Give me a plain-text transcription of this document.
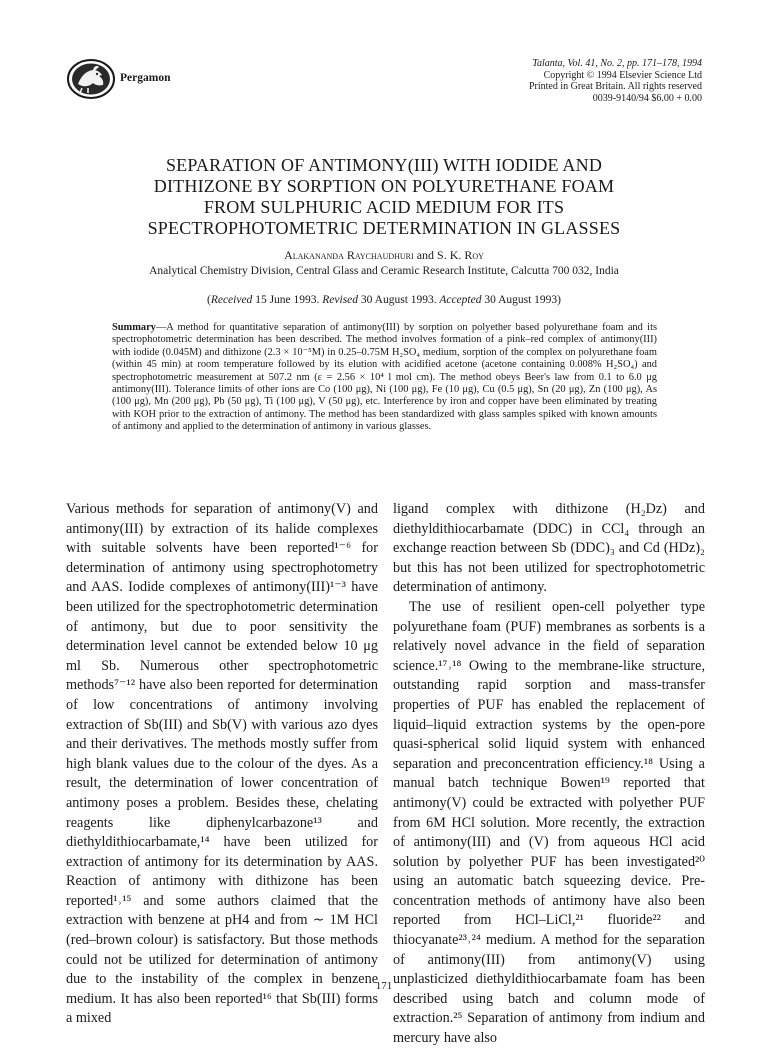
Pergamon
Talanta, Vol. 41, No. 2, pp. 171–178, 1994
Copyright © 1994 Elsevier Science Ltd
Printed in Great Britain. All rights reserved
0039-9140/94 $6.00 + 0.00
SEPARATION OF ANTIMONY(III) WITH IODIDE AND
DITHIZONE BY SORPTION ON POLYURETHANE FOAM
FROM SULPHURIC ACID MEDIUM FOR ITS
SPECTROPHOTOMETRIC DETERMINATION IN GLASSES
Alakananda Raychaudhuri and S. K. Roy
Analytical Chemistry Division, Central Glass and Ceramic Research Institute, Calcutta 700 032, India
(Received 15 June 1993. Revised 30 August 1993. Accepted 30 August 1993)

Summary—A method for quantitative separation of antimony(III) by sorption on polyether based polyurethane foam and its spectrophotometric determination has been described. The method involves formation of a pink–red complex of antimony(III) with iodide (0.045M) and dithizone (2.3 × 10⁻⁵M) in 0.25–0.75M H₂SO₄ medium, sorption of the complex on polyurethane foam (within 45 min) at room temperature followed by its elution with acidified acetone (acetone containing 0.008% H₂SO₄) and spectrophotometric measurement at 507.2 nm (ε = 2.56 × 10⁴ l mol cm). The method obeys Beer's law from 0.1 to 6.0 μg antimony(III). Tolerance limits of other ions are Co (100 μg), Ni (100 μg), Fe (10 μg), Cu (0.5 μg), Sn (20 μg), Zn (100 μg), As (100 μg), Mn (200 μg), Pb (50 μg), Ti (100 μg), V (50 μg), etc. Interference by iron and copper have been eliminated by treating with KOH prior to the extraction of antimony. The method has been standardized with glass samples spiked with known amounts of antimony and applied to the determination of antimony in various glasses.

Various methods for separation of antimony(V) and antimony(III) by extraction of its halide complexes with suitable solvents have been reported¹⁻⁶ for determination of antimony using spectrophotometry and AAS. Iodide complexes of antimony(III)¹⁻³ have been utilized for the spectrophotometric determination of antimony, but due to poor sensitivity the determination level cannot be extended below 10 μg ml Sb. Numerous other spectrophotometric methods⁷⁻¹² have also been reported for determination of low concentrations of antimony involving extraction of Sb(III) and Sb(V) with various azo dyes and their derivatives. The methods mostly suffer from high blank values due to the colour of the dyes. As a result, the determination of lower concentration of antimony poses a problem. Besides these, chelating reagents like diphenylcarbazone¹³ and diethyldithiocarbamate,¹⁴ have been utilized for extraction of antimony for its determination by AAS. Reaction of antimony with dithizone has been reported¹˒¹⁵ and some authors claimed that the extraction with benzene at pH4 and from ∼ 1M HCl (red–brown colour) is satisfactory. But those methods could not be utilized for determination of antimony due to the instability of the complex in benzene medium. It has also been reported¹⁶ that Sb(III) forms a mixed

ligand complex with dithizone (H₂Dz) and diethyldithiocarbamate (DDC) in CCl₄ through an exchange reaction between Sb (DDC)₃ and Cd (HDz)₂ but this has not been utilized for spectrophotometric determination of antimony.

The use of resilient open-cell polyether type polyurethane foam (PUF) membranes as sorbents is a relatively novel advance in the field of separation science.¹⁷˒¹⁸ Owing to the membrane-like structure, outstanding rapid sorption and mass-transfer properties of PUF has enabled the replacement of liquid–liquid extraction systems by the open-pore quasi-spherical solid liquid system with enhanced separation and preconcentration efficiency.¹⁸ Using a manual batch technique Bowen¹⁹ reported that antimony(V) could be extracted with polyether PUF from 6M HCl solution. More recently, the extraction of antimony(III) and (V) from aqueous HCl acid solution by polyether PUF has been investigated²⁰ using an automatic batch squeezing device. Pre-concentration methods of antimony have also been reported from HCl–LiCl,²¹ fluoride²² and thiocyanate²³˒²⁴ medium. A method for the separation of antimony(III) from antimony(V) using unplasticized diethyldithiocarbamate foam has been described using batch and column mode of extraction.²⁵ Separation of antimony from indium and mercury have also

171
